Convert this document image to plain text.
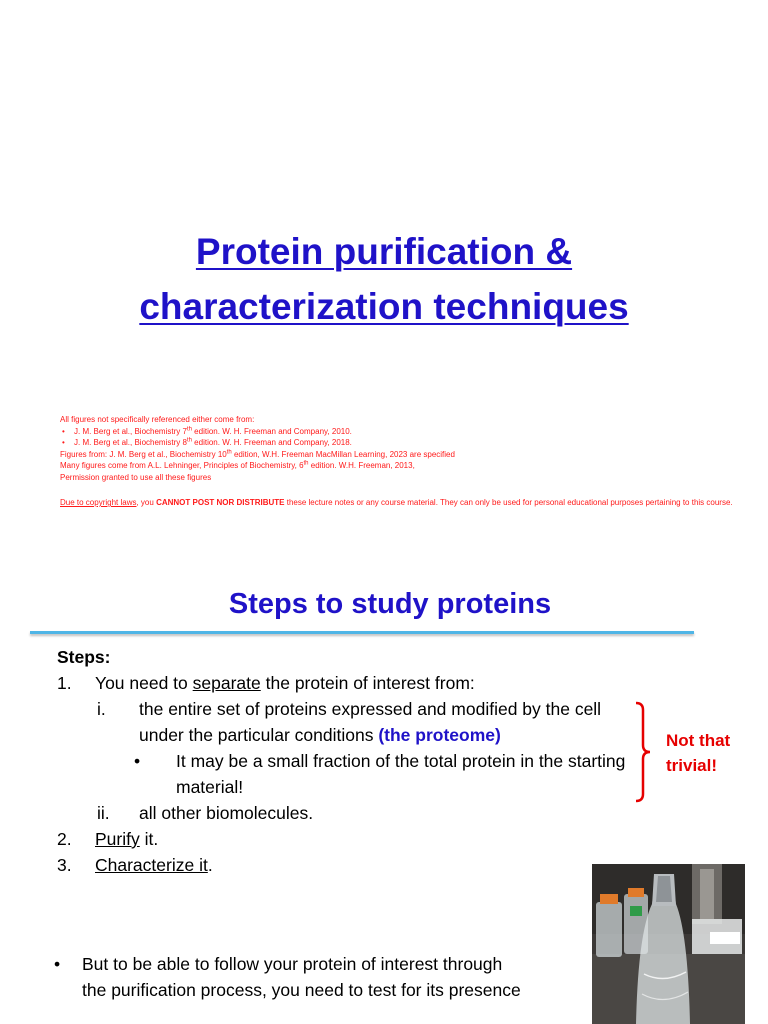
Protein purification &
characterization techniques
All figures not specifically referenced either come from:
• J. M. Berg et al., Biochemistry 7th edition. W. H. Freeman and Company, 2010.
• J. M. Berg et al., Biochemistry 8th edition. W. H. Freeman and Company, 2018.
Figures from: J. M. Berg et al., Biochemistry 10th edition, W.H. Freeman MacMillan Learning, 2023 are specified
Many figures come from A.L. Lehninger, Principles of Biochemistry, 6th edition. W.H. Freeman, 2013,
Permission granted to use all these figures
Due to copyright laws, you CANNOT POST NOR DISTRIBUTE these lecture notes or any course material. They can only be used for personal educational purposes pertaining to this course.
Steps to study proteins
Steps:
1. You need to separate the protein of interest from:
i. the entire set of proteins expressed and modified by the cell under the particular conditions (the proteome)
• It may be a small fraction of the total protein in the starting material!
ii. all other biomolecules.
2. Purify it.
3. Characterize it.
Not that
trivial!
• But to be able to follow your protein of interest through the purification process, you need to test for its presence
